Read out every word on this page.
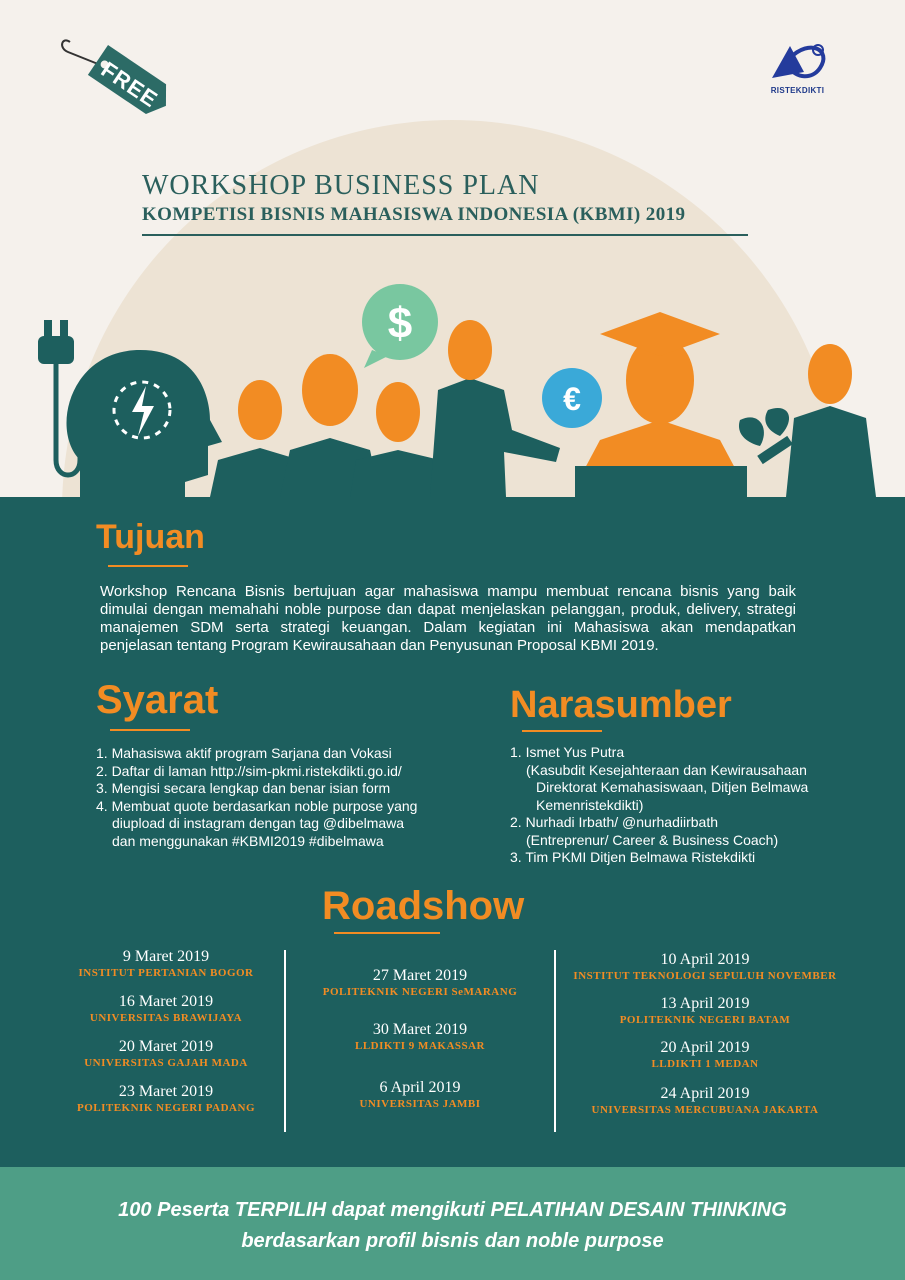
FREE	RISTEKDIKTI
WORKSHOP BUSINESS PLAN
KOMPETISI BISNIS MAHASISWA INDONESIA (KBMI) 2019
$
€
Tujuan

Workshop Rencana Bisnis bertujuan agar mahasiswa mampu membuat rencana bisnis yang baik dimulai dengan memahahi noble purpose dan dapat menjelaskan pelanggan, produk, delivery, strategi manajemen SDM serta strategi keuangan. Dalam kegiatan ini Mahasiswa akan mendapatkan penjelasan tentang Program Kewirausahaan dan Penyusunan Proposal KBMI 2019.

Syarat
1. Mahasiswa aktif program Sarjana dan Vokasi
2. Daftar di laman http://sim-pkmi.ristekdikti.go.id/
3. Mengisi secara lengkap dan benar isian form
4. Membuat quote berdasarkan noble purpose yang
diupload di instagram dengan tag @dibelmawa
dan menggunakan #KBMI2019 #dibelmawa
Narasumber
1. Ismet Yus Putra
(Kasubdit Kesejahteraan dan Kewirausahaan
Direktorat Kemahasiswaan, Ditjen Belmawa
Kemenristekdikti)
2. Nurhadi Irbath/ @nurhadiirbath
(Entreprenur/ Career & Business Coach)
3. Tim PKMI Ditjen Belmawa Ristekdikti
Roadshow
9 Maret 2019
INSTITUT PERTANIAN BOGOR
16 Maret 2019
UNIVERSITAS BRAWIJAYA
20 Maret 2019
UNIVERSITAS GAJAH MADA
23 Maret 2019
POLITEKNIK NEGERI PADANG
27 Maret 2019
POLITEKNIK NEGERI SeMARANG
30 Maret 2019
LLDIKTI 9 MAKASSAR
6 April 2019
UNIVERSITAS JAMBI
10 April 2019
INSTITUT TEKNOLOGI SEPULUH NOVEMBER
13 April 2019
POLITEKNIK NEGERI BATAM
20 April 2019
LLDIKTI 1 MEDAN
24 April 2019
UNIVERSITAS MERCUBUANA JAKARTA

100 Peserta TERPILIH dapat mengikuti PELATIHAN DESAIN THINKING

berdasarkan profil bisnis dan noble purpose
